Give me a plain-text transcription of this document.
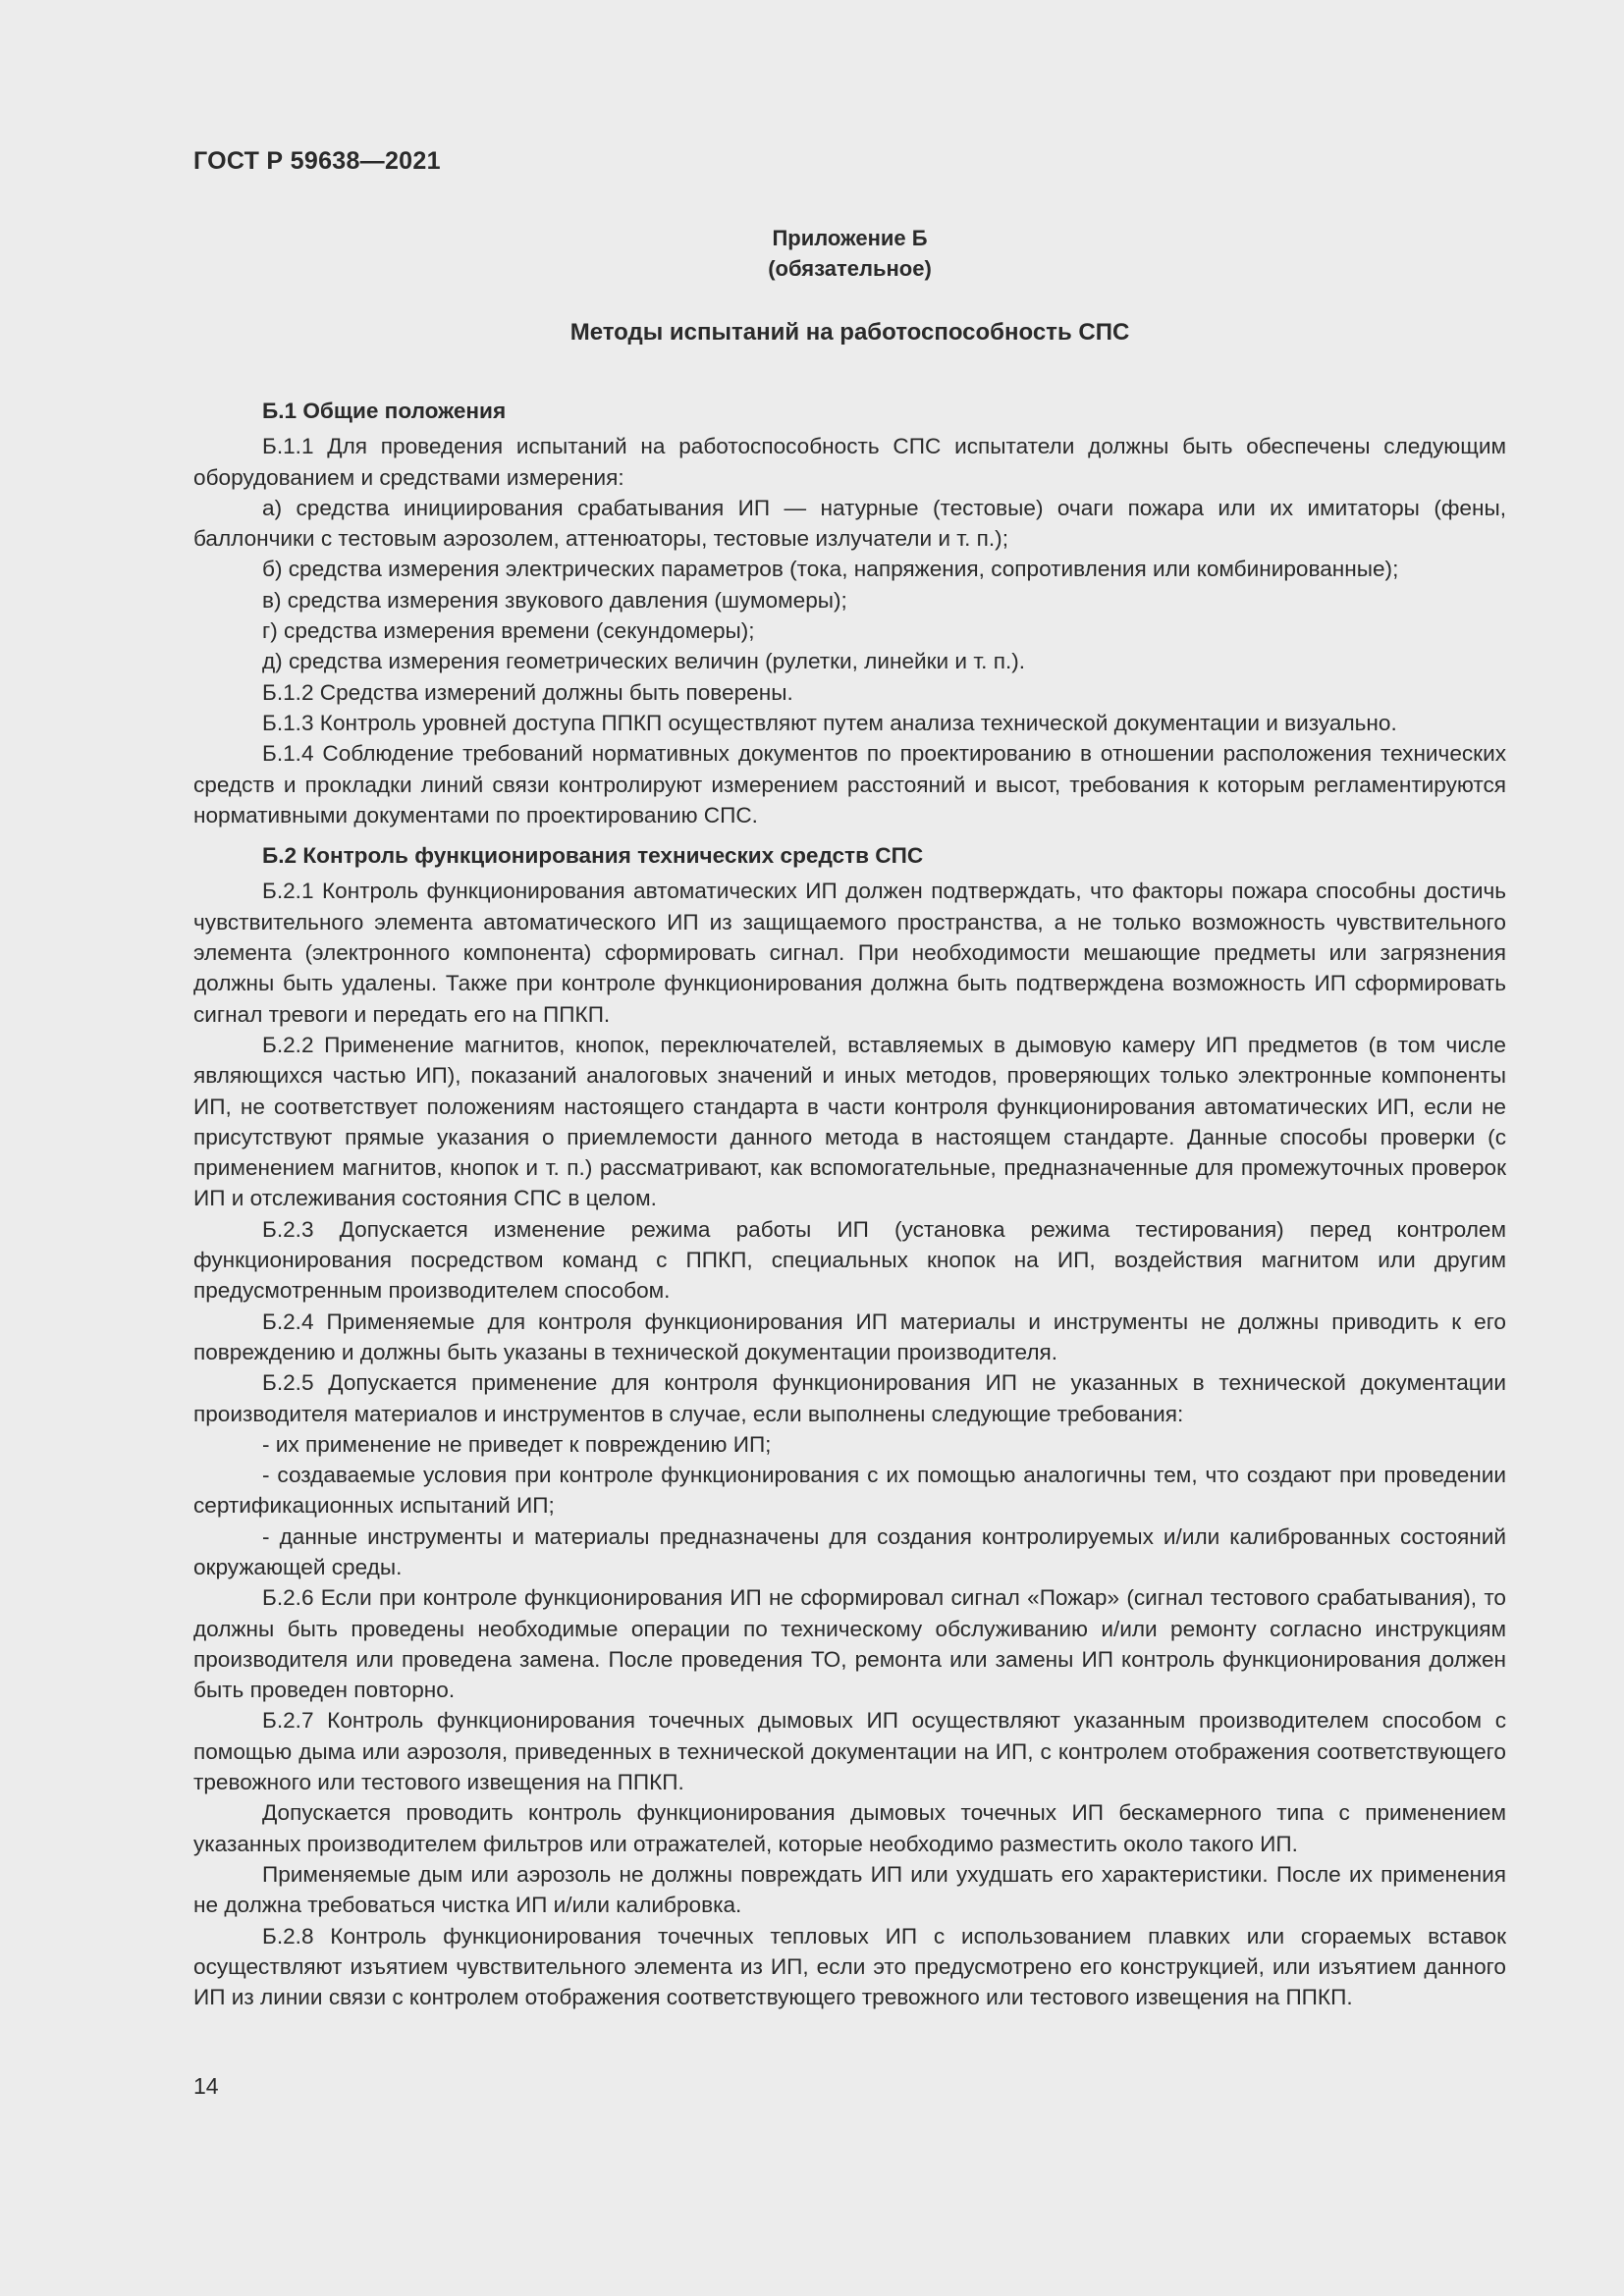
ГОСТ Р 59638—2021
Приложение Б
(обязательное)
Методы испытаний на работоспособность СПС
Б.1 Общие положения

Б.1.1 Для проведения испытаний на работоспособность СПС испытатели должны быть обеспечены следующим оборудованием и средствами измерения:

а) средства инициирования срабатывания ИП — натурные (тестовые) очаги пожара или их имитаторы (фены, баллончики с тестовым аэрозолем, аттенюаторы, тестовые излучатели и т. п.);

б) средства измерения электрических параметров (тока, напряжения, сопротивления или комбинированные);

в) средства измерения звукового давления (шумомеры);

г) средства измерения времени (секундомеры);

д) средства измерения геометрических величин (рулетки, линейки и т. п.).

Б.1.2 Средства измерений должны быть поверены.

Б.1.3 Контроль уровней доступа ППКП осуществляют путем анализа технической документации и визуально.

Б.1.4 Соблюдение требований нормативных документов по проектированию в отношении расположения технических средств и прокладки линий связи контролируют измерением расстояний и высот, требования к которым регламентируются нормативными документами по проектированию СПС.

Б.2 Контроль функционирования технических средств СПС

Б.2.1 Контроль функционирования автоматических ИП должен подтверждать, что факторы пожара способны достичь чувствительного элемента автоматического ИП из защищаемого пространства, а не только возможность чувствительного элемента (электронного компонента) сформировать сигнал. При необходимости мешающие предметы или загрязнения должны быть удалены. Также при контроле функционирования должна быть подтверждена возможность ИП сформировать сигнал тревоги и передать его на ППКП.

Б.2.2 Применение магнитов, кнопок, переключателей, вставляемых в дымовую камеру ИП предметов (в том числе являющихся частью ИП), показаний аналоговых значений и иных методов, проверяющих только электронные компоненты ИП, не соответствует положениям настоящего стандарта в части контроля функционирования автоматических ИП, если не присутствуют прямые указания о приемлемости данного метода в настоящем стандарте. Данные способы проверки (с применением магнитов, кнопок и т. п.) рассматривают, как вспомогательные, предназначенные для промежуточных проверок ИП и отслеживания состояния СПС в целом.

Б.2.3 Допускается изменение режима работы ИП (установка режима тестирования) перед контролем функционирования посредством команд с ППКП, специальных кнопок на ИП, воздействия магнитом или другим предусмотренным производителем способом.

Б.2.4 Применяемые для контроля функционирования ИП материалы и инструменты не должны приводить к его повреждению и должны быть указаны в технической документации производителя.

Б.2.5 Допускается применение для контроля функционирования ИП не указанных в технической документации производителя материалов и инструментов в случае, если выполнены следующие требования:

- их применение не приведет к повреждению ИП;

- создаваемые условия при контроле функционирования с их помощью аналогичны тем, что создают при проведении сертификационных испытаний ИП;

- данные инструменты и материалы предназначены для создания контролируемых и/или калиброванных состояний окружающей среды.

Б.2.6 Если при контроле функционирования ИП не сформировал сигнал «Пожар» (сигнал тестового срабатывания), то должны быть проведены необходимые операции по техническому обслуживанию и/или ремонту согласно инструкциям производителя или проведена замена. После проведения ТО, ремонта или замены ИП контроль функционирования должен быть проведен повторно.

Б.2.7 Контроль функционирования точечных дымовых ИП осуществляют указанным производителем способом с помощью дыма или аэрозоля, приведенных в технической документации на ИП, с контролем отображения соответствующего тревожного или тестового извещения на ППКП.

Допускается проводить контроль функционирования дымовых точечных ИП бескамерного типа с применением указанных производителем фильтров или отражателей, которые необходимо разместить около такого ИП.

Применяемые дым или аэрозоль не должны повреждать ИП или ухудшать его характеристики. После их применения не должна требоваться чистка ИП и/или калибровка.

Б.2.8 Контроль функционирования точечных тепловых ИП с использованием плавких или сгораемых вставок осуществляют изъятием чувствительного элемента из ИП, если это предусмотрено его конструкцией, или изъятием данного ИП из линии связи с контролем отображения соответствующего тревожного или тестового извещения на ППКП.

14
